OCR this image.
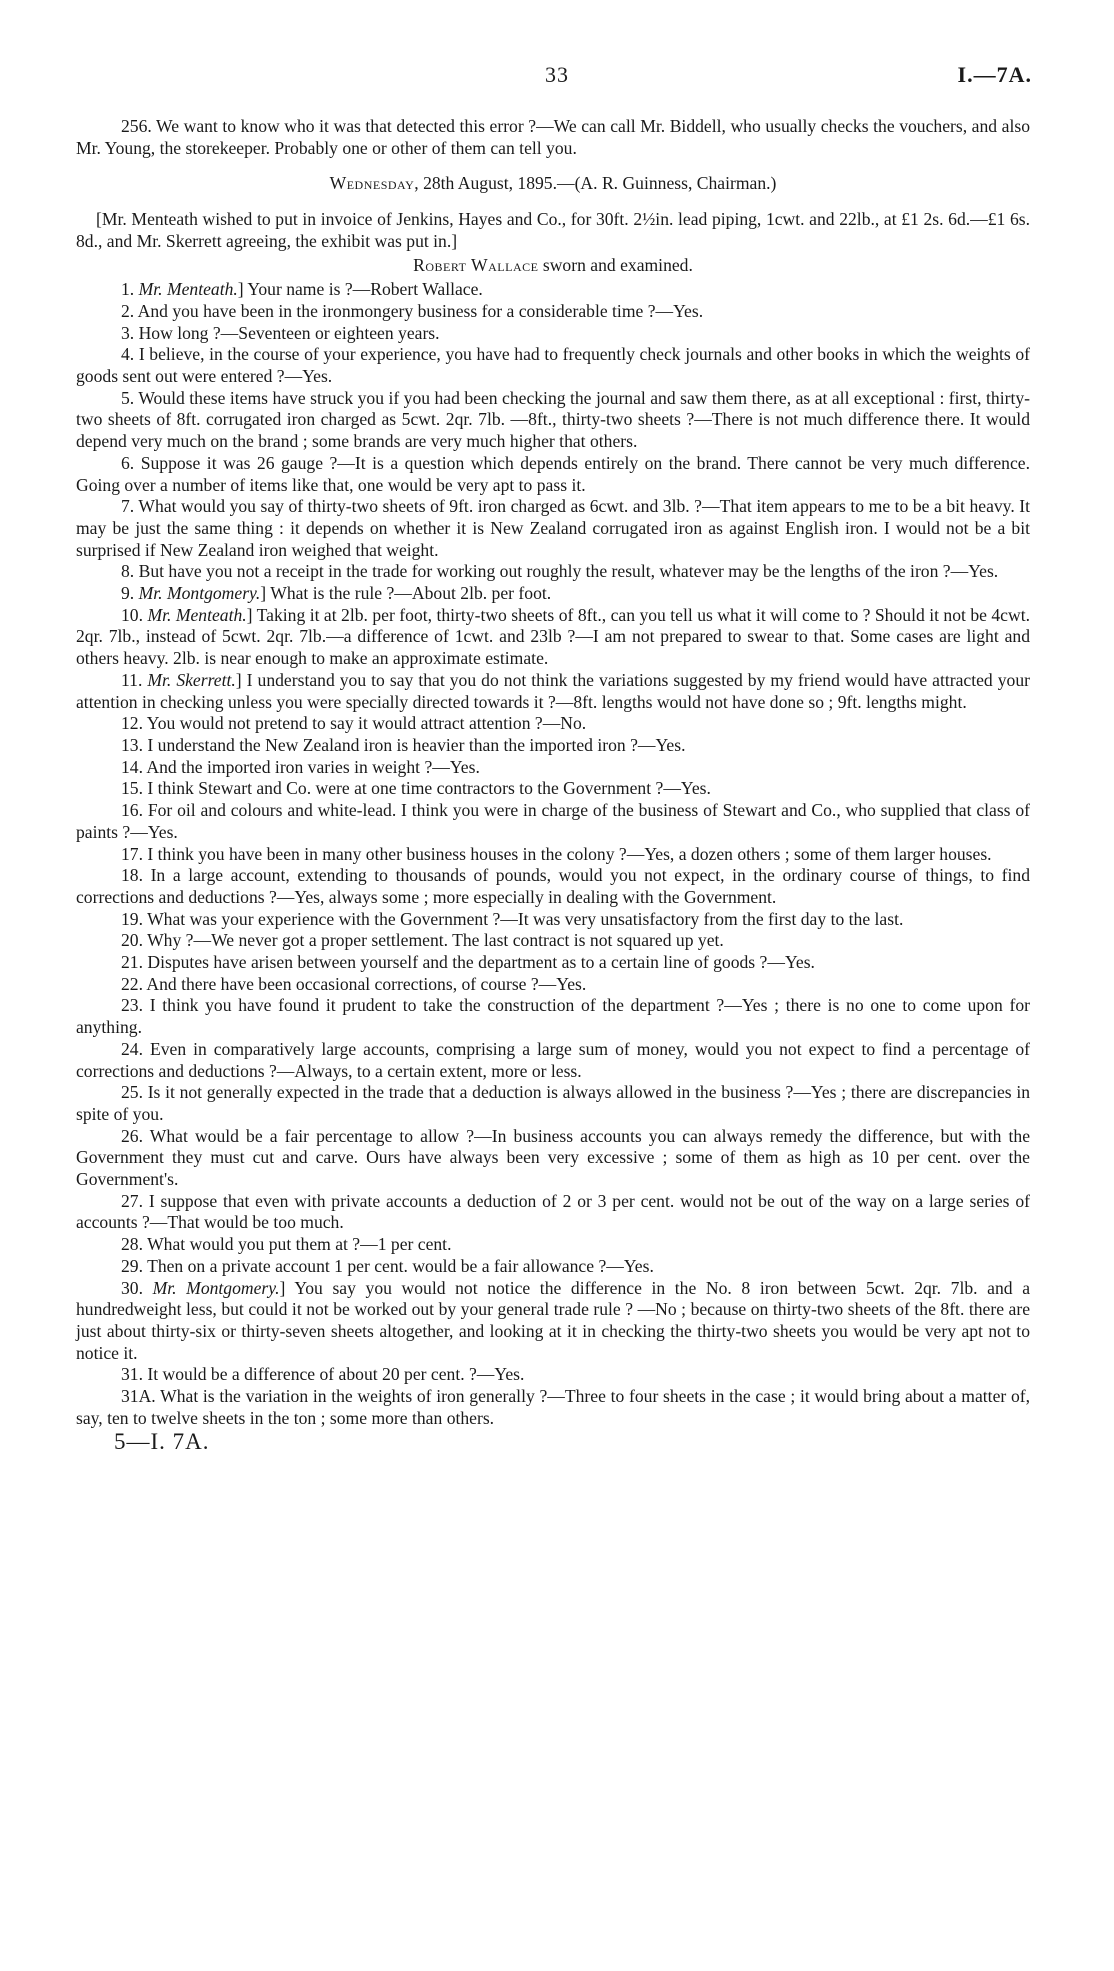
33	I.—7A.

256. We want to know who it was that detected this error ?—We can call Mr. Biddell, who usually checks the vouchers, and also Mr. Young, the storekeeper. Probably one or other of them can tell you.

Wednesday, 28th August, 1895.—(A. R. Guinness, Chairman.)

[Mr. Menteath wished to put in invoice of Jenkins, Hayes and Co., for 30ft. 2½in. lead piping, 1cwt. and 22lb., at £1 2s. 6d.—£1 6s. 8d., and Mr. Skerrett agreeing, the exhibit was put in.]

Robert Wallace sworn and examined.

1. Mr. Menteath.] Your name is ?—Robert Wallace.

2. And you have been in the ironmongery business for a considerable time ?—Yes.

3. How long ?—Seventeen or eighteen years.

4. I believe, in the course of your experience, you have had to frequently check journals and other books in which the weights of goods sent out were entered ?—Yes.

5. Would these items have struck you if you had been checking the journal and saw them there, as at all exceptional : first, thirty-two sheets of 8ft. corrugated iron charged as 5cwt. 2qr. 7lb. —8ft., thirty-two sheets ?—There is not much difference there. It would depend very much on the brand ; some brands are very much higher that others.

6. Suppose it was 26 gauge ?—It is a question which depends entirely on the brand. There cannot be very much difference. Going over a number of items like that, one would be very apt to pass it.

7. What would you say of thirty-two sheets of 9ft. iron charged as 6cwt. and 3lb. ?—That item appears to me to be a bit heavy. It may be just the same thing : it depends on whether it is New Zealand corrugated iron as against English iron. I would not be a bit surprised if New Zealand iron weighed that weight.

8. But have you not a receipt in the trade for working out roughly the result, whatever may be the lengths of the iron ?—Yes.

9. Mr. Montgomery.] What is the rule ?—About 2lb. per foot.

10. Mr. Menteath.] Taking it at 2lb. per foot, thirty-two sheets of 8ft., can you tell us what it will come to ? Should it not be 4cwt. 2qr. 7lb., instead of 5cwt. 2qr. 7lb.—a difference of 1cwt. and 23lb ?—I am not prepared to swear to that. Some cases are light and others heavy. 2lb. is near enough to make an approximate estimate.

11. Mr. Skerrett.] I understand you to say that you do not think the variations suggested by my friend would have attracted your attention in checking unless you were specially directed towards it ?—8ft. lengths would not have done so ; 9ft. lengths might.

12. You would not pretend to say it would attract attention ?—No.

13. I understand the New Zealand iron is heavier than the imported iron ?—Yes.

14. And the imported iron varies in weight ?—Yes.

15. I think Stewart and Co. were at one time contractors to the Government ?—Yes.

16. For oil and colours and white-lead. I think you were in charge of the business of Stewart and Co., who supplied that class of paints ?—Yes.

17. I think you have been in many other business houses in the colony ?—Yes, a dozen others ; some of them larger houses.

18. In a large account, extending to thousands of pounds, would you not expect, in the ordinary course of things, to find corrections and deductions ?—Yes, always some ; more especially in dealing with the Government.

19. What was your experience with the Government ?—It was very unsatisfactory from the first day to the last.

20. Why ?—We never got a proper settlement. The last contract is not squared up yet.

21. Disputes have arisen between yourself and the department as to a certain line of goods ?—Yes.

22. And there have been occasional corrections, of course ?—Yes.

23. I think you have found it prudent to take the construction of the department ?—Yes ; there is no one to come upon for anything.

24. Even in comparatively large accounts, comprising a large sum of money, would you not expect to find a percentage of corrections and deductions ?—Always, to a certain extent, more or less.

25. Is it not generally expected in the trade that a deduction is always allowed in the business ?—Yes ; there are discrepancies in spite of you.

26. What would be a fair percentage to allow ?—In business accounts you can always remedy the difference, but with the Government they must cut and carve. Ours have always been very excessive ; some of them as high as 10 per cent. over the Government's.

27. I suppose that even with private accounts a deduction of 2 or 3 per cent. would not be out of the way on a large series of accounts ?—That would be too much.

28. What would you put them at ?—1 per cent.

29. Then on a private account 1 per cent. would be a fair allowance ?—Yes.

30. Mr. Montgomery.] You say you would not notice the difference in the No. 8 iron between 5cwt. 2qr. 7lb. and a hundredweight less, but could it not be worked out by your general trade rule ? —No ; because on thirty-two sheets of the 8ft. there are just about thirty-six or thirty-seven sheets altogether, and looking at it in checking the thirty-two sheets you would be very apt not to notice it.

31. It would be a difference of about 20 per cent. ?—Yes.

31A. What is the variation in the weights of iron generally ?—Three to four sheets in the case ; it would bring about a matter of, say, ten to twelve sheets in the ton ; some more than others.

5—I. 7A.
